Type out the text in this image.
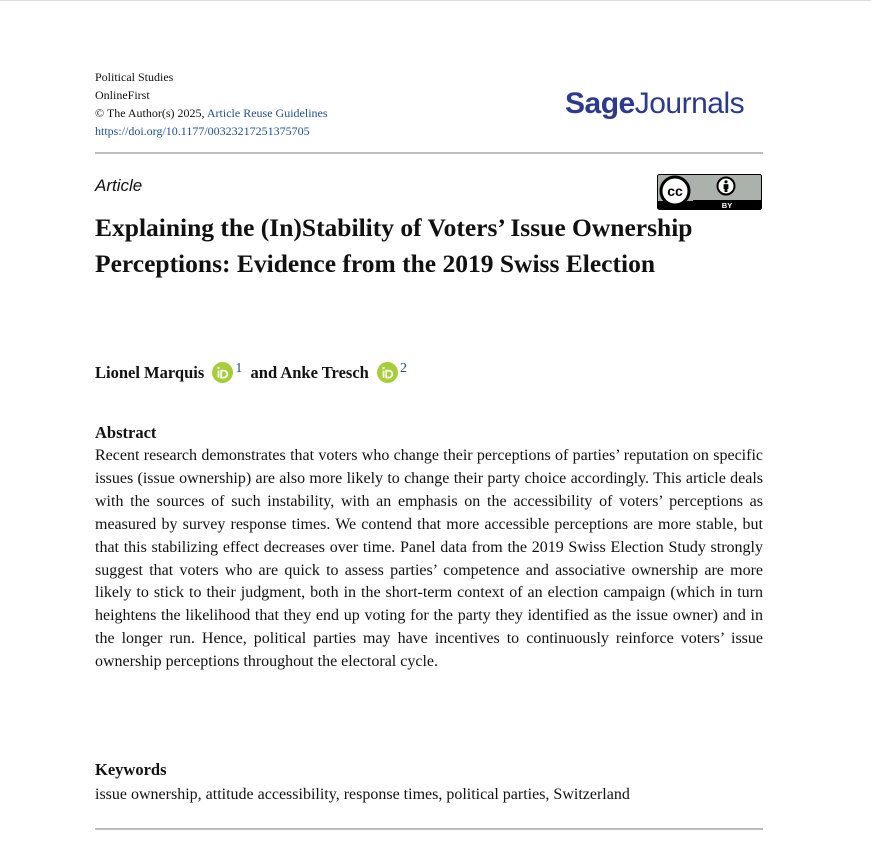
Political Studies
OnlineFirst
© The Author(s) 2025, Article Reuse Guidelines
https://doi.org/10.1177/00323217251375705
SageJournals
Article	cc
BY
Explaining the (In)Stability of Voters’ Issue Ownership Perceptions: Evidence from the 2019 Swiss Election
Lionel Marquis $^1$ and Anke Tresch $^2$
Abstract

Recent research demonstrates that voters who change their perceptions of parties’ reputation on specific issues (issue ownership) are also more likely to change their party choice accordingly. This article deals with the sources of such instability, with an emphasis on the accessibility of voters’ perceptions as measured by survey response times. We contend that more accessible perceptions are more stable, but that this stabilizing effect decreases over time. Panel data from the 2019 Swiss Election Study strongly suggest that voters who are quick to assess parties’ competence and associative ownership are more likely to stick to their judgment, both in the short-term context of an election campaign (which in turn heightens the likelihood that they end up voting for the party they identified as the issue owner) and in the longer run. Hence, political parties may have incentives to continuously reinforce voters’ issue ownership perceptions throughout the electoral cycle.

Keywords
issue ownership, attitude accessibility, response times, political parties, Switzerland
